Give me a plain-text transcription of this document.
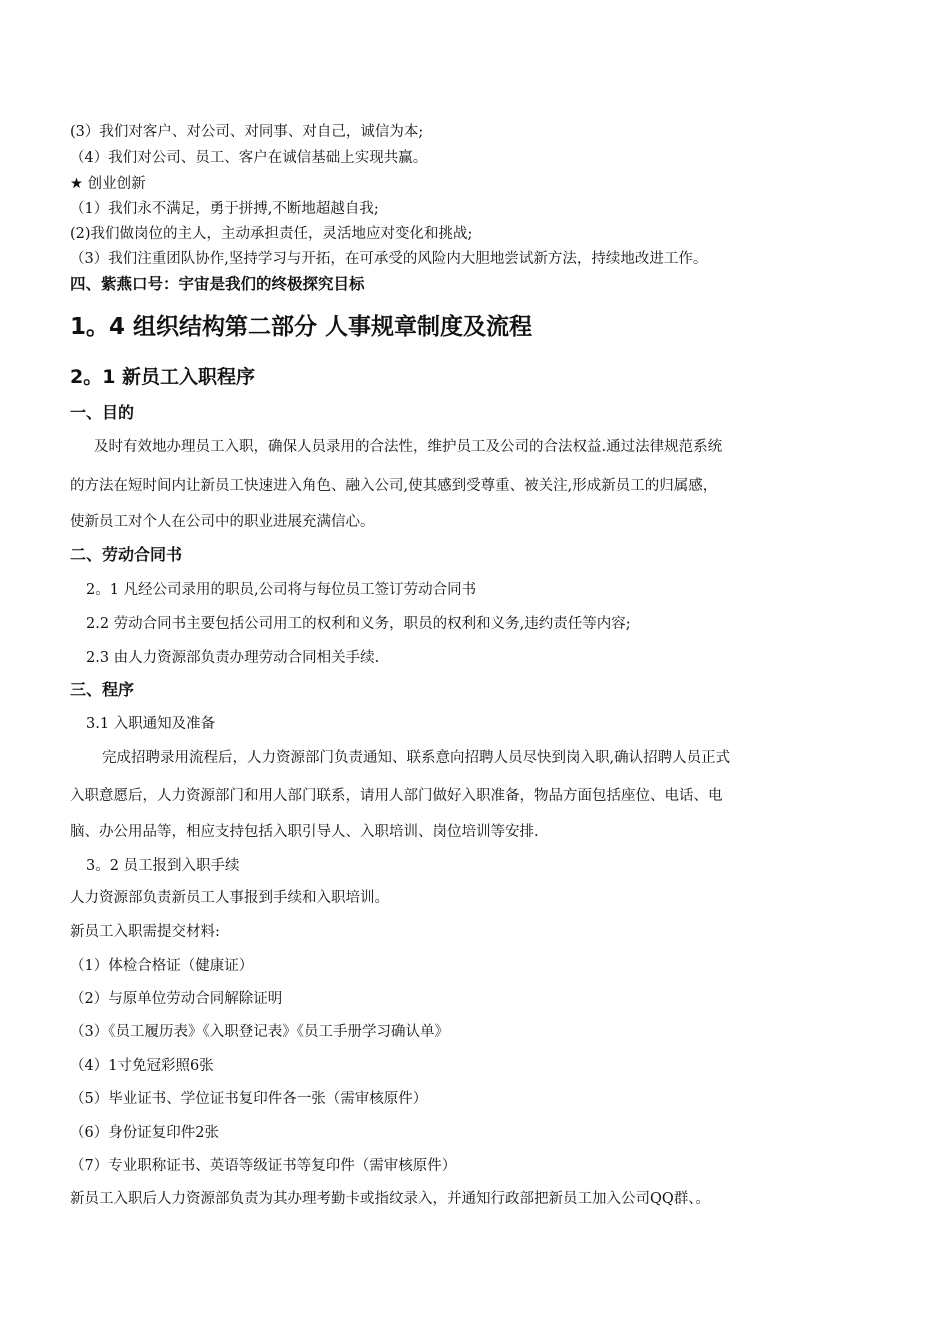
(3）我们对客户、对公司、对同事、对自己，诚信为本;
（4）我们对公司、员工、客户在诚信基础上实现共赢。
★ 创业创新
（1）我们永不满足，勇于拼搏,不断地超越自我;
(2)我们做岗位的主人，主动承担责任，灵活地应对变化和挑战;
（3）我们注重团队协作,坚持学习与开拓，在可承受的风险内大胆地尝试新方法，持续地改进工作。
四、紫燕口号：宇宙是我们的终极探究目标
1。4 组织结构第二部分 人事规章制度及流程
2。1 新员工入职程序
一、目的
及时有效地办理员工入职，确保人员录用的合法性，维护员工及公司的合法权益.通过法律规范系统
的方法在短时间内让新员工快速进入角色、融入公司,使其感到受尊重、被关注,形成新员工的归属感，
使新员工对个人在公司中的职业进展充满信心。
二、劳动合同书
2。1 凡经公司录用的职员,公司将与每位员工签订劳动合同书
2.2 劳动合同书主要包括公司用工的权利和义务，职员的权利和义务,违约责任等内容;
2.3 由人力资源部负责办理劳动合同相关手续.
三、程序
3.1 入职通知及准备
完成招聘录用流程后，人力资源部门负责通知、联系意向招聘人员尽快到岗入职,确认招聘人员正式
入职意愿后，人力资源部门和用人部门联系，请用人部门做好入职准备，物品方面包括座位、电话、电
脑、办公用品等，相应支持包括入职引导人、入职培训、岗位培训等安排.
3。2 员工报到入职手续
人力资源部负责新员工人事报到手续和入职培训。
新员工入职需提交材料:
（1）体检合格证（健康证）
（2）与原单位劳动合同解除证明
（3）《员工履历表》《入职登记表》《员工手册学习确认单》
（4）1寸免冠彩照6张
（5）毕业证书、学位证书复印件各一张（需审核原件）
（6）身份证复印件2张
（7）专业职称证书、英语等级证书等复印件（需审核原件）
新员工入职后人力资源部负责为其办理考勤卡或指纹录入，并通知行政部把新员工加入公司QQ群、。
